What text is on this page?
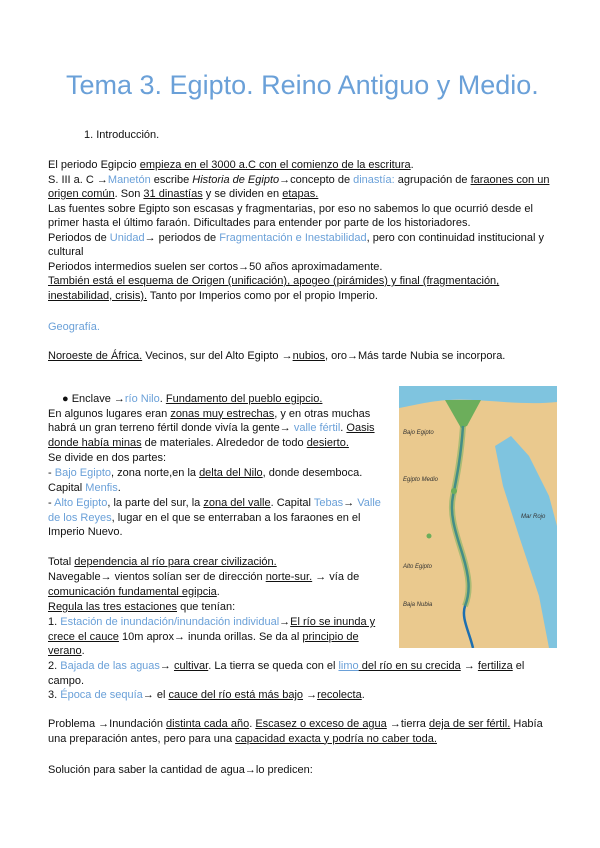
Tema 3. Egipto. Reino Antiguo y Medio.
1. Introducción.
El periodo Egipcio empieza en el 3000 a.C con el comienzo de la escritura.
S. III a. C →Manetón escribe Historia de Egipto→concepto de dinastía: agrupación de faraones con un origen común. Son 31 dinastías y se dividen en etapas.
Las fuentes sobre Egipto son escasas y fragmentarias, por eso no sabemos lo que ocurrió desde el primer hasta el último faraón. Dificultades para entender por parte de los historiadores.
Periodos de Unidad→ periodos de Fragmentación e Inestabilidad, pero con continuidad institucional y cultural
Periodos intermedios suelen ser cortos→50 años aproximadamente.
También está el esquema de Origen (unificación), apogeo (pirámides) y final (fragmentación, inestabilidad, crisis). Tanto por Imperios como por el propio Imperio.
Geografía.
Noroeste de África. Vecinos, sur del Alto Egipto →nubios, oro→Más tarde Nubia se incorpora.
● Enclave →río Nilo. Fundamento del pueblo egipcio.
En algunos lugares eran zonas muy estrechas, y en otras muchas habrá un gran terreno fértil donde vivía la gente→ valle fértil. Oasis donde había minas de materiales. Alrededor de todo desierto.
Se divide en dos partes:
- Bajo Egipto, zona norte,en la delta del Nilo, donde desemboca. Capital Menfis.
- Alto Egipto, la parte del sur, la zona del valle. Capital Tebas→ Valle de los Reyes, lugar en el que se enterraban a los faraones en el Imperio Nuevo.
Total dependencia al río para crear civilización.
Navegable→ vientos solían ser de dirección norte-sur. → vía de comunicación fundamental egipcia.
Regula las tres estaciones que tenían:
1. Estación de inundación/inundación individual→El río se inunda y crece el cauce 10m aprox→ inunda orillas. Se da al principio de verano.
2. Bajada de las aguas→ cultivar. La tierra se queda con el limo del río en su crecida → fertiliza el campo.
3. Época de sequía→ el cauce del río está más bajo →recolecta.
Problema →Inundación distinta cada año. Escasez o exceso de agua →tierra deja de ser fértil. Había una preparación antes, pero para una capacidad exacta y podría no caber toda.
Solución para saber la cantidad de agua→lo predicen:
Bajo Egipto
Egipto Medio
Alto Egipto
Mar Rojo
Baja Nubia
